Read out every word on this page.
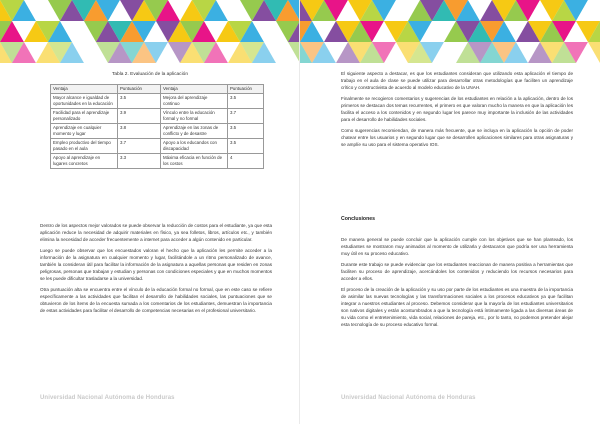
Tabla 2. Evaluación de la aplicación
Ventaja	Puntuación	Ventaja	Puntuación
Mayor alcance e igualdad de oportunidades en la educación	3.5	Mejora del aprendizaje continuo	3.5
Facilidad para el aprendizaje personalizado	3.9	Vínculo entre la educación formal y no formal	3.7
Aprendizaje en cualquier momento y lugar	3.8	Aprendizaje en las zonas de conflicto y de desastre	3.5
Empleo productivo del tiempo pasado en el aula	3.7	Apoyo a los educandos con discapacidad	3.5
Apoyo al aprendizaje en lugares concretos	3.3	Máxima eficacia en función de los costos	4

Dentro de los aspectos mejor valorados se puede observar la reducción de costos para el estudiante, ya que esta aplicación reduce la necesidad de adquirir materiales en físico, ya sea folletos, libros, artículos etc., y también elimina la necesidad de acceder frecuentemente a internet para acceder a algún contenido en particular.

Luego se puede observar que los encuestados valoran el hecho que la aplicación les permite acceder a la información de la asignatura en cualquier momento y lugar, facilitándole a un ritmo personalizado de avance, también la consideran útil para facilitar la información de la asignatura a aquellas personas que residen en zonas peligrosas, personas que trabajan y estudian y personas con condiciones especiales y que en muchos momentos se les puede dificultar trasladarse a la universidad.

Otra puntuación alta se encuentra entre el vínculo de la educación formal no formal, que en este caso se refiere específicamente a las actividades que facilitan el desarrollo de habilidades sociales, las puntuaciones que se obtuvieron de los ítems de la encuesta sumada a los comentarios de los estudiantes, demuestran la importancia de estas actividades para facilitar el desarrollo de competencias necesarias en el profesional universitario.

Universidad Nacional Autónoma de Honduras

El siguiente aspecto a destacar, es que los estudiantes consideran que utilizando esta aplicación el tiempo de trabajo en el aula de clase se puede utilizar para desarrollar otras metodologías que faciliten un aprendizaje crítico y constructivista de acuerdo al modelo educativo de la UNAH.

Finalmente se recogieron comentarios y sugerencias de los estudiantes en relación a la aplicación, dentro de los primeros se destacan dos temas recurrentes, el primero es que valoran mucho la manera en que la aplicación les facilita el acceso a los contenidos y en segundo lugar les parece muy importante la inclusión de las actividades para el desarrollo de habilidades sociales.

Como sugerencias recomiendan, de manera más frecuente, que se incluya en la aplicación la opción de poder chatear entre los usuarios y en segundo lugar que se desarrollen aplicaciones similares para otras asignaturas y se amplíe su uso para el sistema operativo IOS.

Conclusiones

De manera general se puede concluir que la aplicación cumple con los objetivos que se han planteado, los estudiantes se mostraron muy animados al momento de utilizarla y destacaron que podría ser una herramienta muy útil en su proceso educativo.

Durante este trabajo se puede evidenciar que los estudiantes reaccionan de manera positiva a herramientas que faciliten su proceso de aprendizaje, acercándoles los contenidos y reduciendo los recursos necesarios para acceder a ellos.

El proceso de la creación de la aplicación y su uso por parte de los estudiantes es una muestra de la importancia de asimilar las nuevas tecnologías y las transformaciones sociales a los procesos educativos ya que facilitan integrar a nuestros estudiantes al proceso. Debemos considerar que la mayoría de los estudiantes universitarios son nativos digitales y están acostumbrados a que la tecnología está íntimamente ligada a las diversas áreas de su vida como el entretenimiento, vida social, relaciones de pareja, etc., por lo tanto, no podemos pretender alejar esta tecnología de su proceso educativo formal.

Universidad Nacional Autónoma de Honduras
